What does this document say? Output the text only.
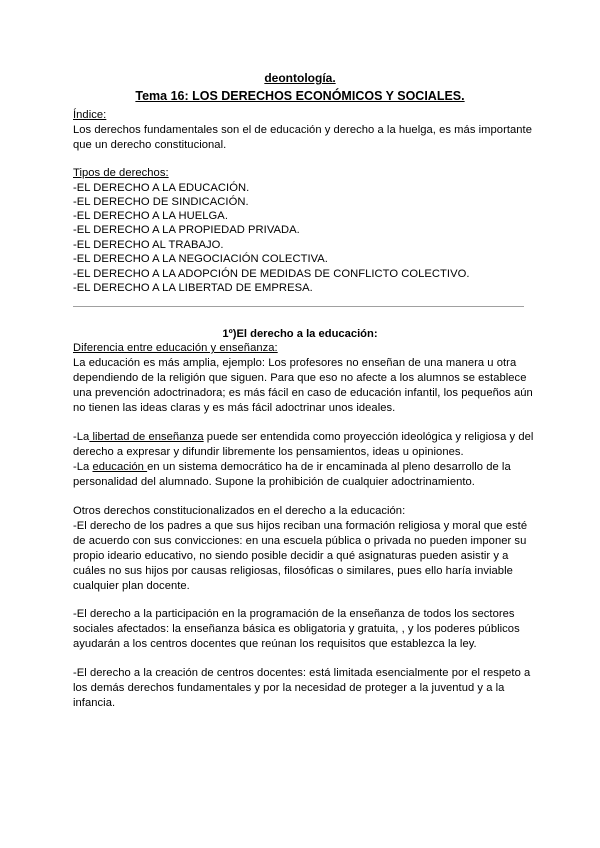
deontología.
Tema 16: LOS DERECHOS ECONÓMICOS Y SOCIALES.
Índice:
Los derechos fundamentales son el de educación y derecho a la huelga, es más importante
que un derecho constitucional.
Tipos de derechos:
-EL DERECHO A LA EDUCACIÓN.
-EL DERECHO DE SINDICACIÓN.
-EL DERECHO A LA HUELGA.
-EL DERECHO A LA PROPIEDAD PRIVADA.
-EL DERECHO AL TRABAJO.
-EL DERECHO A LA NEGOCIACIÓN COLECTIVA.
-EL DERECHO A LA ADOPCIÓN DE MEDIDAS DE CONFLICTO COLECTIVO.
-EL DERECHO A LA LIBERTAD DE EMPRESA.
1º)El derecho a la educación:
Diferencia entre educación y enseñanza:
La educación es más amplia, ejemplo: Los profesores no enseñan de una manera u otra
dependiendo de la religión que siguen. Para que eso no afecte a los alumnos se establece
una prevención adoctrinadora; es más fácil en caso de educación infantil, los pequeños aún
no tienen las ideas claras y es más fácil adoctrinar unos ideales.
-La libertad de enseñanza puede ser entendida como proyección ideológica y religiosa y del
derecho a expresar y difundir libremente los pensamientos, ideas u opiniones.
-La educación en un sistema democrático ha de ir encaminada al pleno desarrollo de la
personalidad del alumnado. Supone la prohibición de cualquier adoctrinamiento.
Otros derechos constitucionalizados en el derecho a la educación:
-El derecho de los padres a que sus hijos reciban una formación religiosa y moral que esté
de acuerdo con sus convicciones: en una escuela pública o privada no pueden imponer su
propio ideario educativo, no siendo posible decidir a qué asignaturas pueden asistir y a
cuáles no sus hijos por causas religiosas, filosóficas o similares, pues ello haría inviable
cualquier plan docente.
-El derecho a la participación en la programación de la enseñanza de todos los sectores
sociales afectados: la enseñanza básica es obligatoria y gratuita, , y los poderes públicos
ayudarán a los centros docentes que reúnan los requisitos que establezca la ley.
-El derecho a la creación de centros docentes: está limitada esencialmente por el respeto a
los demás derechos fundamentales y por la necesidad de proteger a la juventud y a la
infancia.
